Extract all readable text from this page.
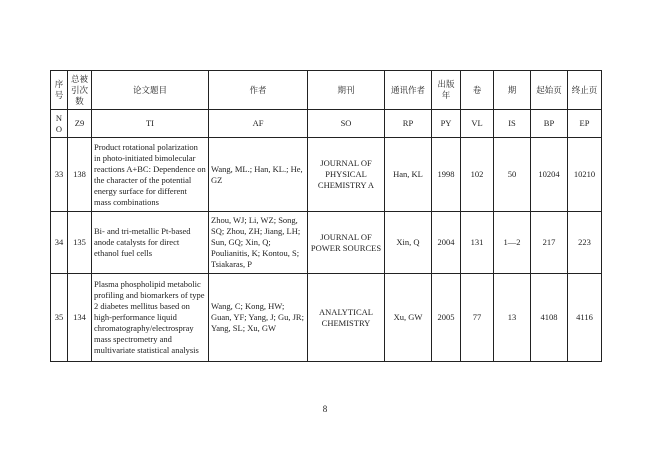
序号	总被引次数	论文题目	作者	期刊	通讯作者	出版年	卷	期	起始页	终止页
NO	Z9	TI	AF	SO	RP	PY	VL	IS	BP	EP
33	138	Product rotational polarization in photo-initiated bimolecular reactions A+BC: Dependence on the character of the potential energy surface for different mass combinations	Wang, ML.; Han, KL.; He, GZ	JOURNAL OF PHYSICAL CHEMISTRY A	Han, KL	1998	102	50	10204	10210
34	135	Bi- and tri-metallic Pt-based anode catalysts for direct ethanol fuel cells	Zhou, WJ; Li, WZ; Song, SQ; Zhou, ZH; Jiang, LH; Sun, GQ; Xin, Q; Poulianitis, K; Kontou, S; Tsiakaras, P	JOURNAL OF POWER SOURCES	Xin, Q	2004	131	1—2	217	223
35	134	Plasma phospholipid metabolic profiling and biomarkers of type 2 diabetes mellitus based on high-performance liquid chromatography/electrospray mass spectrometry and multivariate statistical analysis	Wang, C; Kong, HW; Guan, YF; Yang, J; Gu, JR; Yang, SL; Xu, GW	ANALYTICAL CHEMISTRY	Xu, GW	2005	77	13	4108	4116
8
